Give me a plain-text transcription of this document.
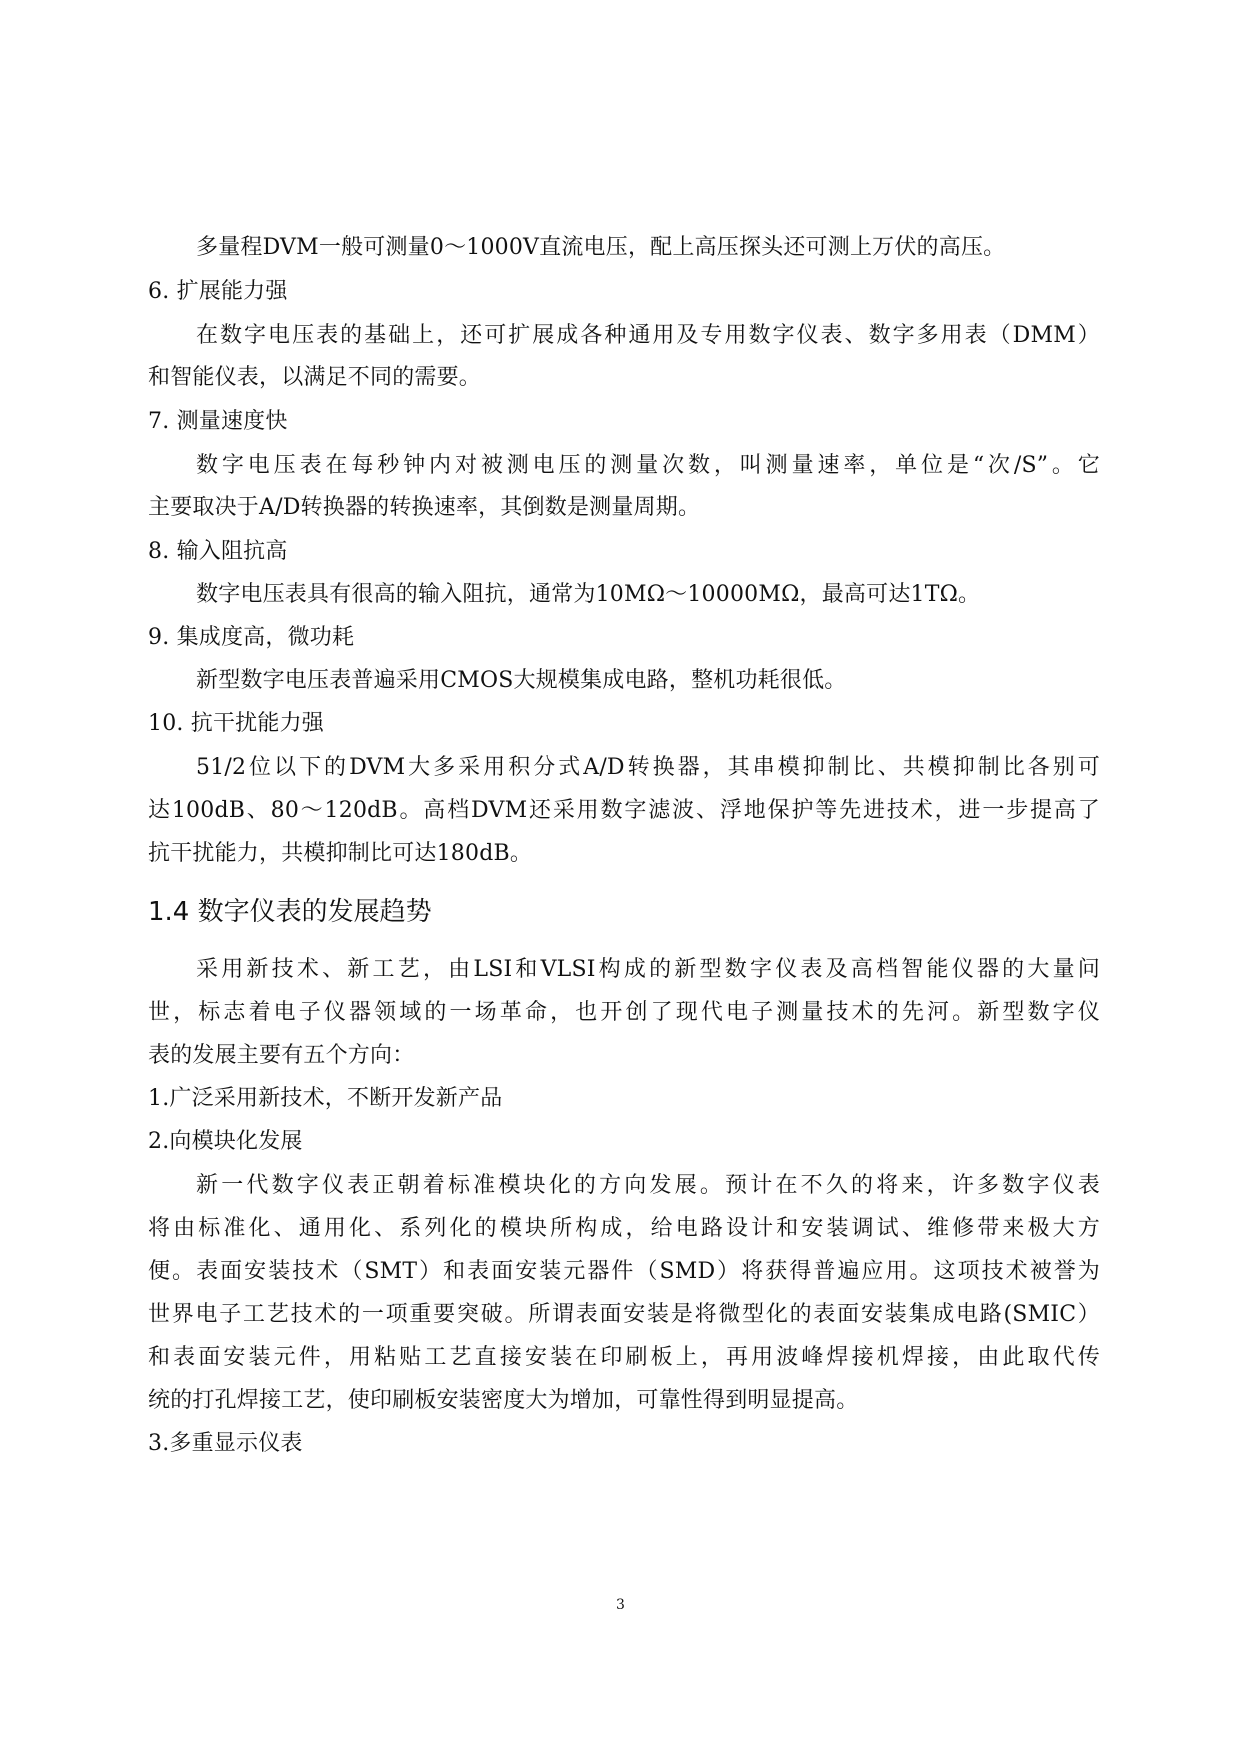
多量程DVM一般可测量0～1000V直流电压，配上高压探头还可测上万伏的高压。
6. 扩展能力强
在数字电压表的基础上，还可扩展成各种通用及专用数字仪表、数字多用表（DMM）
和智能仪表，以满足不同的需要。
7. 测量速度快
数字电压表在每秒钟内对被测电压的测量次数，叫测量速率，单位是“次/S”。它
主要取决于A/D转换器的转换速率，其倒数是测量周期。
8. 输入阻抗高
数字电压表具有很高的输入阻抗，通常为10MΩ～10000MΩ，最高可达1TΩ。
9. 集成度高，微功耗
新型数字电压表普遍采用CMOS大规模集成电路，整机功耗很低。
10. 抗干扰能力强
51/2位以下的DVM大多采用积分式A/D转换器，其串模抑制比、共模抑制比各别可
达100dB、80～120dB。高档DVM还采用数字滤波、浮地保护等先进技术，进一步提高了
抗干扰能力，共模抑制比可达180dB。
1.4 数字仪表的发展趋势
采用新技术、新工艺，由LSI和VLSI构成的新型数字仪表及高档智能仪器的大量问
世，标志着电子仪器领域的一场革命，也开创了现代电子测量技术的先河。新型数字仪
表的发展主要有五个方向：
1.广泛采用新技术，不断开发新产品
2.向模块化发展
新一代数字仪表正朝着标准模块化的方向发展。预计在不久的将来，许多数字仪表
将由标准化、通用化、系列化的模块所构成，给电路设计和安装调试、维修带来极大方
便。表面安装技术（SMT）和表面安装元器件（SMD）将获得普遍应用。这项技术被誉为
世界电子工艺技术的一项重要突破。所谓表面安装是将微型化的表面安装集成电路(SMIC）
和表面安装元件，用粘贴工艺直接安装在印刷板上，再用波峰焊接机焊接，由此取代传
统的打孔焊接工艺，使印刷板安装密度大为增加，可靠性得到明显提高。
3.多重显示仪表
3
